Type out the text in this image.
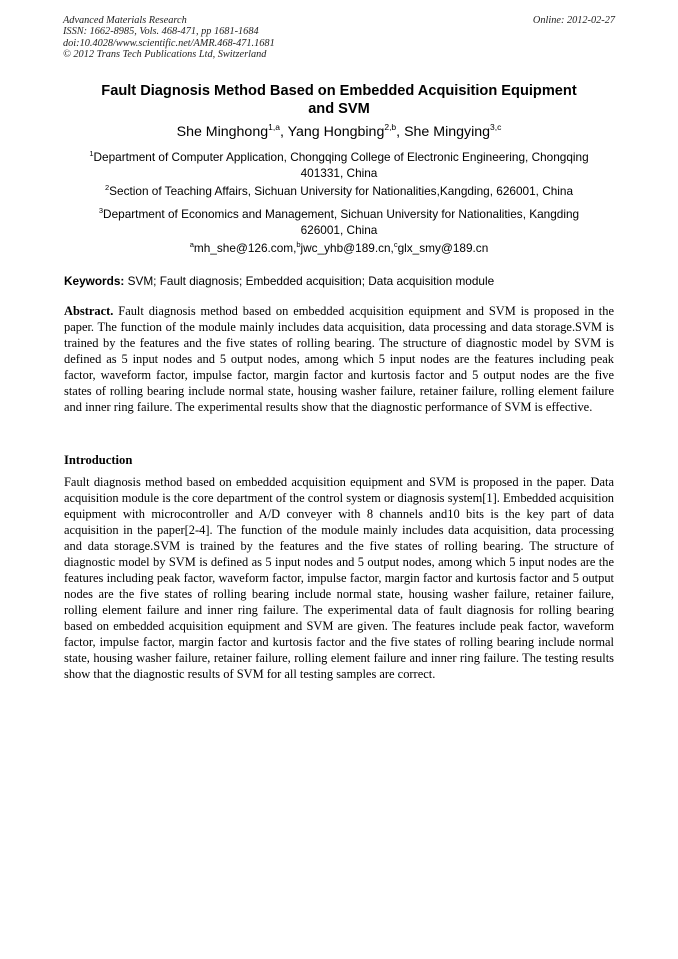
Advanced Materials Research
ISSN: 1662-8985, Vols. 468-471, pp 1681-1684
doi:10.4028/www.scientific.net/AMR.468-471.1681
© 2012 Trans Tech Publications Ltd, Switzerland
Online: 2012-02-27
Fault Diagnosis Method Based on Embedded Acquisition Equipment
and SVM
She Minghong$^{1,a}$, Yang Hongbing$^{2,b}$, She Mingying$^{3,c}$
$^1$Department of Computer Application, Chongqing College of Electronic Engineering, Chongqing
401331, China
$^2$Section of Teaching Affairs, Sichuan University for Nationalities,Kangding, 626001, China
$^3$Department of Economics and Management, Sichuan University for Nationalities, Kangding
626001, China
$^a$mh_she@126.com,$^b$jwc_yhb@189.cn,$^c$glx_smy@189.cn
Keywords: SVM; Fault diagnosis; Embedded acquisition; Data acquisition module
Abstract. Fault diagnosis method based on embedded acquisition equipment and SVM is proposed in the paper. The function of the module mainly includes data acquisition, data processing and data storage.SVM is trained by the features and the five states of rolling bearing. The structure of diagnostic model by SVM is defined as 5 input nodes and 5 output nodes, among which 5 input nodes are the features including peak factor, waveform factor, impulse factor, margin factor and kurtosis factor and 5 output nodes are the five states of rolling bearing include normal state, housing washer failure, retainer failure, rolling element failure and inner ring failure. The experimental results show that the diagnostic performance of SVM is effective.
Introduction
Fault diagnosis method based on embedded acquisition equipment and SVM is proposed in the paper. Data acquisition module is the core department of the control system or diagnosis system[1]. Embedded acquisition equipment with microcontroller and A/D conveyer with 8 channels and10 bits is the key part of data acquisition in the paper[2-4]. The function of the module mainly includes data acquisition, data processing and data storage.SVM is trained by the features and the five states of rolling bearing. The structure of diagnostic model by SVM is defined as 5 input nodes and 5 output nodes, among which 5 input nodes are the features including peak factor, waveform factor, impulse factor, margin factor and kurtosis factor and 5 output nodes are the five states of rolling bearing include normal state, housing washer failure, retainer failure, rolling element failure and inner ring failure. The experimental data of fault diagnosis for rolling bearing based on embedded acquisition equipment and SVM are given. The features include peak factor, waveform factor, impulse factor, margin factor and kurtosis factor and the five states of rolling bearing include normal state, housing washer failure, retainer failure, rolling element failure and inner ring failure. The testing results show that the diagnostic results of SVM for all testing samples are correct.
